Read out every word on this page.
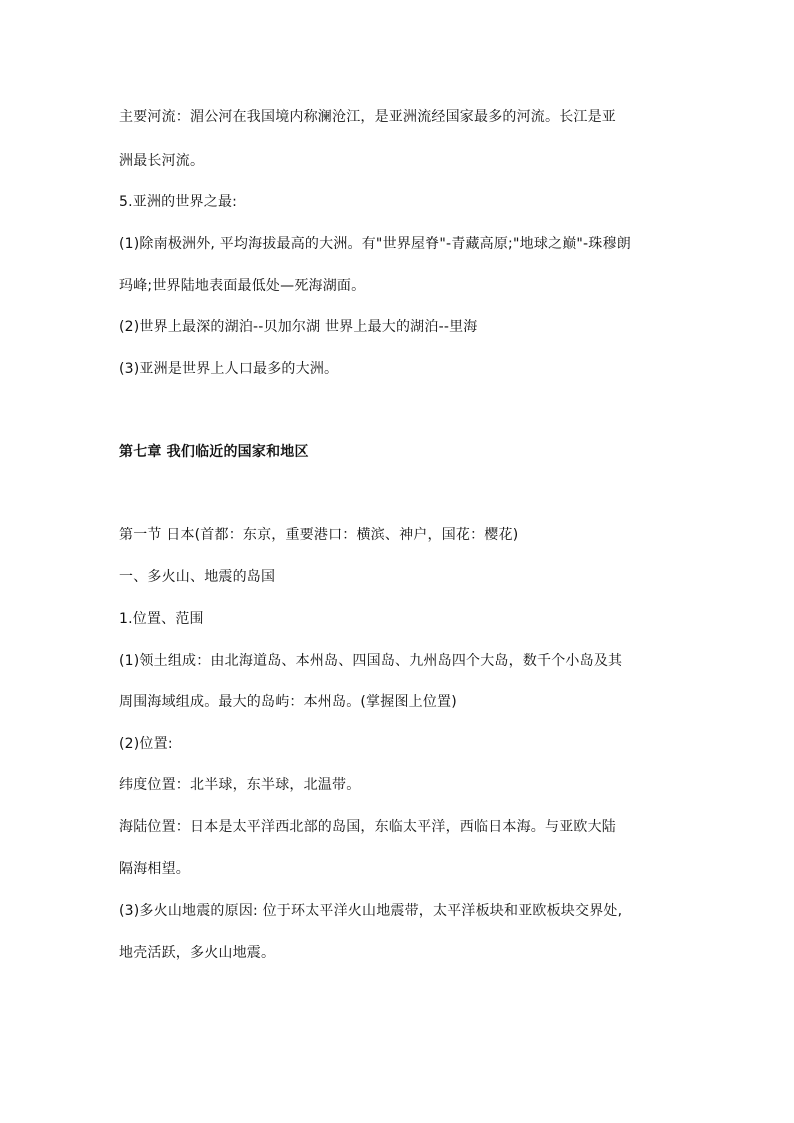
主要河流：湄公河在我国境内称澜沧江，是亚洲流经国家最多的河流。长江是亚
洲最长河流。
5.亚洲的世界之最:
(1)除南极洲外, 平均海拔最高的大洲。有"世界屋脊"-青藏高原;"地球之巅"-珠穆朗
玛峰;世界陆地表面最低处—死海湖面。
(2)世界上最深的湖泊--贝加尔湖 世界上最大的湖泊--里海
(3)亚洲是世界上人口最多的大洲。
第七章 我们临近的国家和地区
第一节 日本(首都：东京，重要港口：横滨、神户，国花：樱花)
一、多火山、地震的岛国
1.位置、范围
(1)领土组成：由北海道岛、本州岛、四国岛、九州岛四个大岛，数千个小岛及其
周围海域组成。最大的岛屿：本州岛。(掌握图上位置)
(2)位置:
纬度位置：北半球，东半球，北温带。
海陆位置：日本是太平洋西北部的岛国，东临太平洋，西临日本海。与亚欧大陆
隔海相望。
(3)多火山地震的原因: 位于环太平洋火山地震带，太平洋板块和亚欧板块交界处,
地壳活跃，多火山地震。
